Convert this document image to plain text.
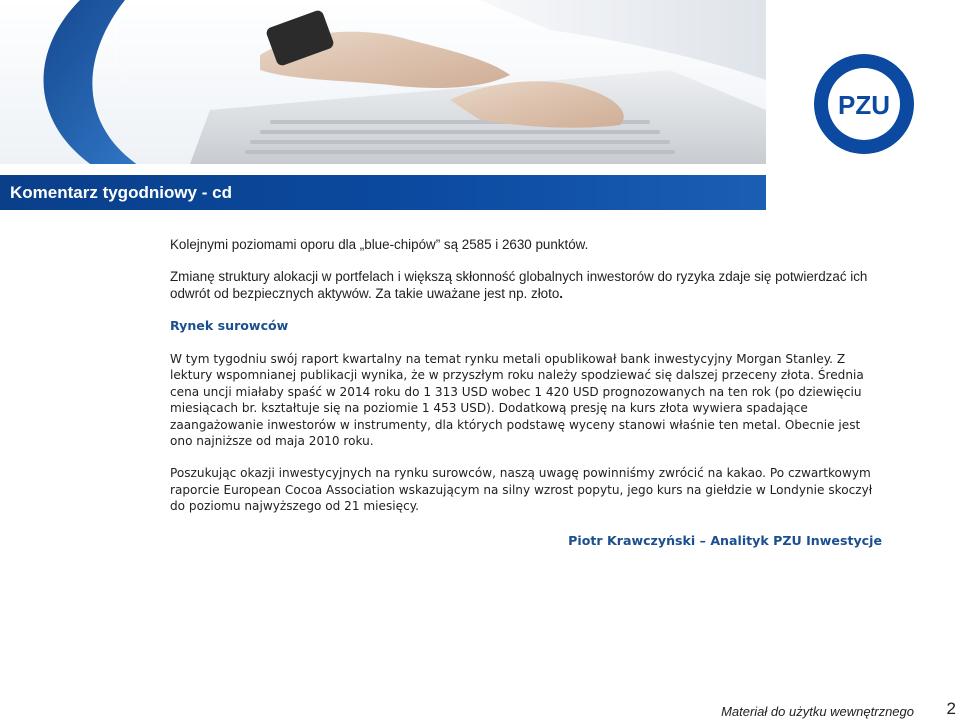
PZU
Komentarz tygodniowy - cd

Kolejnymi poziomami oporu dla „blue-chipów” są 2585 i 2630 punktów.

Zmianę struktury alokacji w portfelach i większą skłonność globalnych inwestorów do ryzyka zdaje się potwierdzać ich

odwrót od bezpiecznych aktywów. Za takie uważane jest np. złoto.

Rynek surowców

W tym tygodniu swój raport kwartalny na temat rynku metali opublikował bank inwestycyjny Morgan Stanley. Z lektury wspomnianej publikacji wynika, że w przyszłym roku należy spodziewać się dalszej przeceny złota. Średnia cena uncji miałaby spaść w 2014 roku do 1 313 USD wobec 1 420 USD prognozowanych na ten rok (po dziewięciu miesiącach br. kształtuje się na poziomie 1 453 USD). Dodatkową presję na kurs złota wywiera spadające zaangażowanie inwestorów w instrumenty, dla których podstawę wyceny stanowi właśnie ten metal. Obecnie jest ono najniższe od maja 2010 roku.

Poszukując okazji inwestycyjnych na rynku surowców, naszą uwagę powinniśmy zwrócić na kakao. Po czwartkowym raporcie European Cocoa Association wskazującym na silny wzrost popytu, jego kurs na giełdzie w Londynie skoczył do poziomu najwyższego od 21 miesięcy.

Piotr Krawczyński – Analityk PZU Inwestycje

Materiał do użytku wewnętrznego 2
